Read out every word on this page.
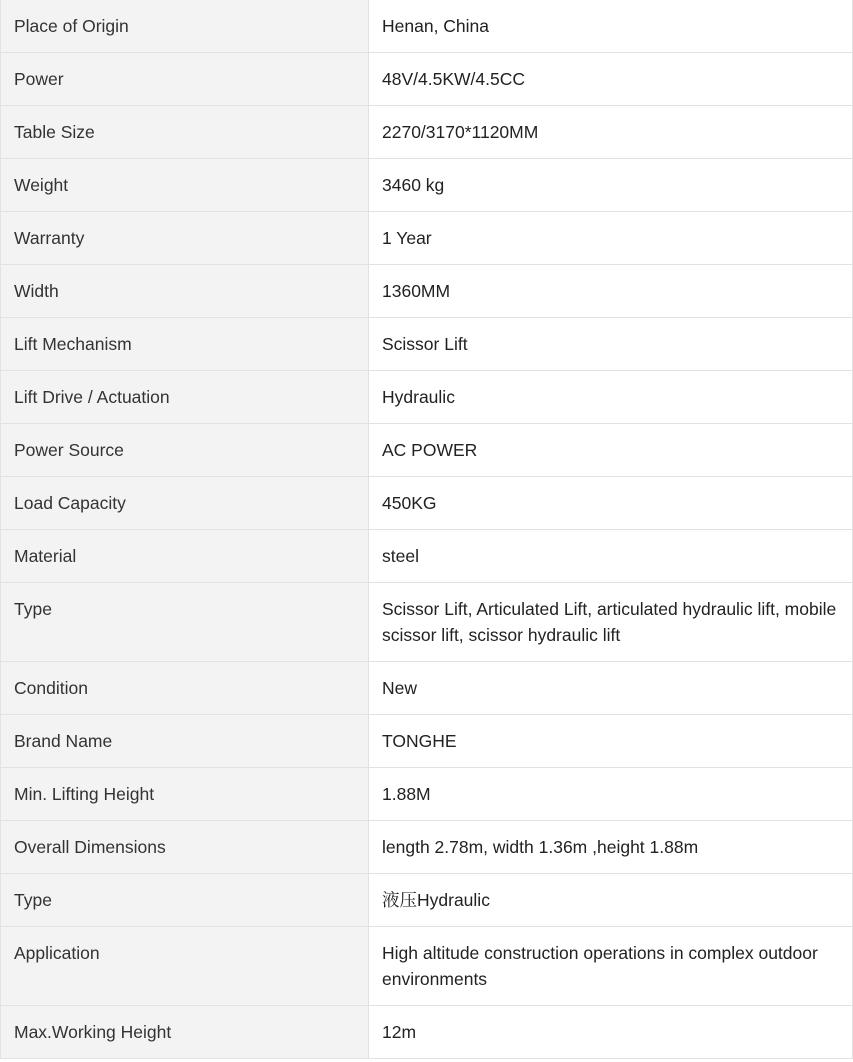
Place of Origin	Henan, China
Power	48V/4.5KW/4.5CC
Table Size	2270/3170*1120MM
Weight	3460 kg
Warranty	1 Year
Width	1360MM
Lift Mechanism	Scissor Lift
Lift Drive / Actuation	Hydraulic
Power Source	AC POWER
Load Capacity	450KG
Material	steel
Type	Scissor Lift, Articulated Lift, articulated hydraulic lift, mobile scissor lift, scissor hydraulic lift
Condition	New
Brand Name	TONGHE
Min. Lifting Height	1.88M
Overall Dimensions	length 2.78m, width 1.36m ,height 1.88m
Type	液压Hydraulic
Application	High altitude construction operations in complex outdoor environments
Max.Working Height	12m
